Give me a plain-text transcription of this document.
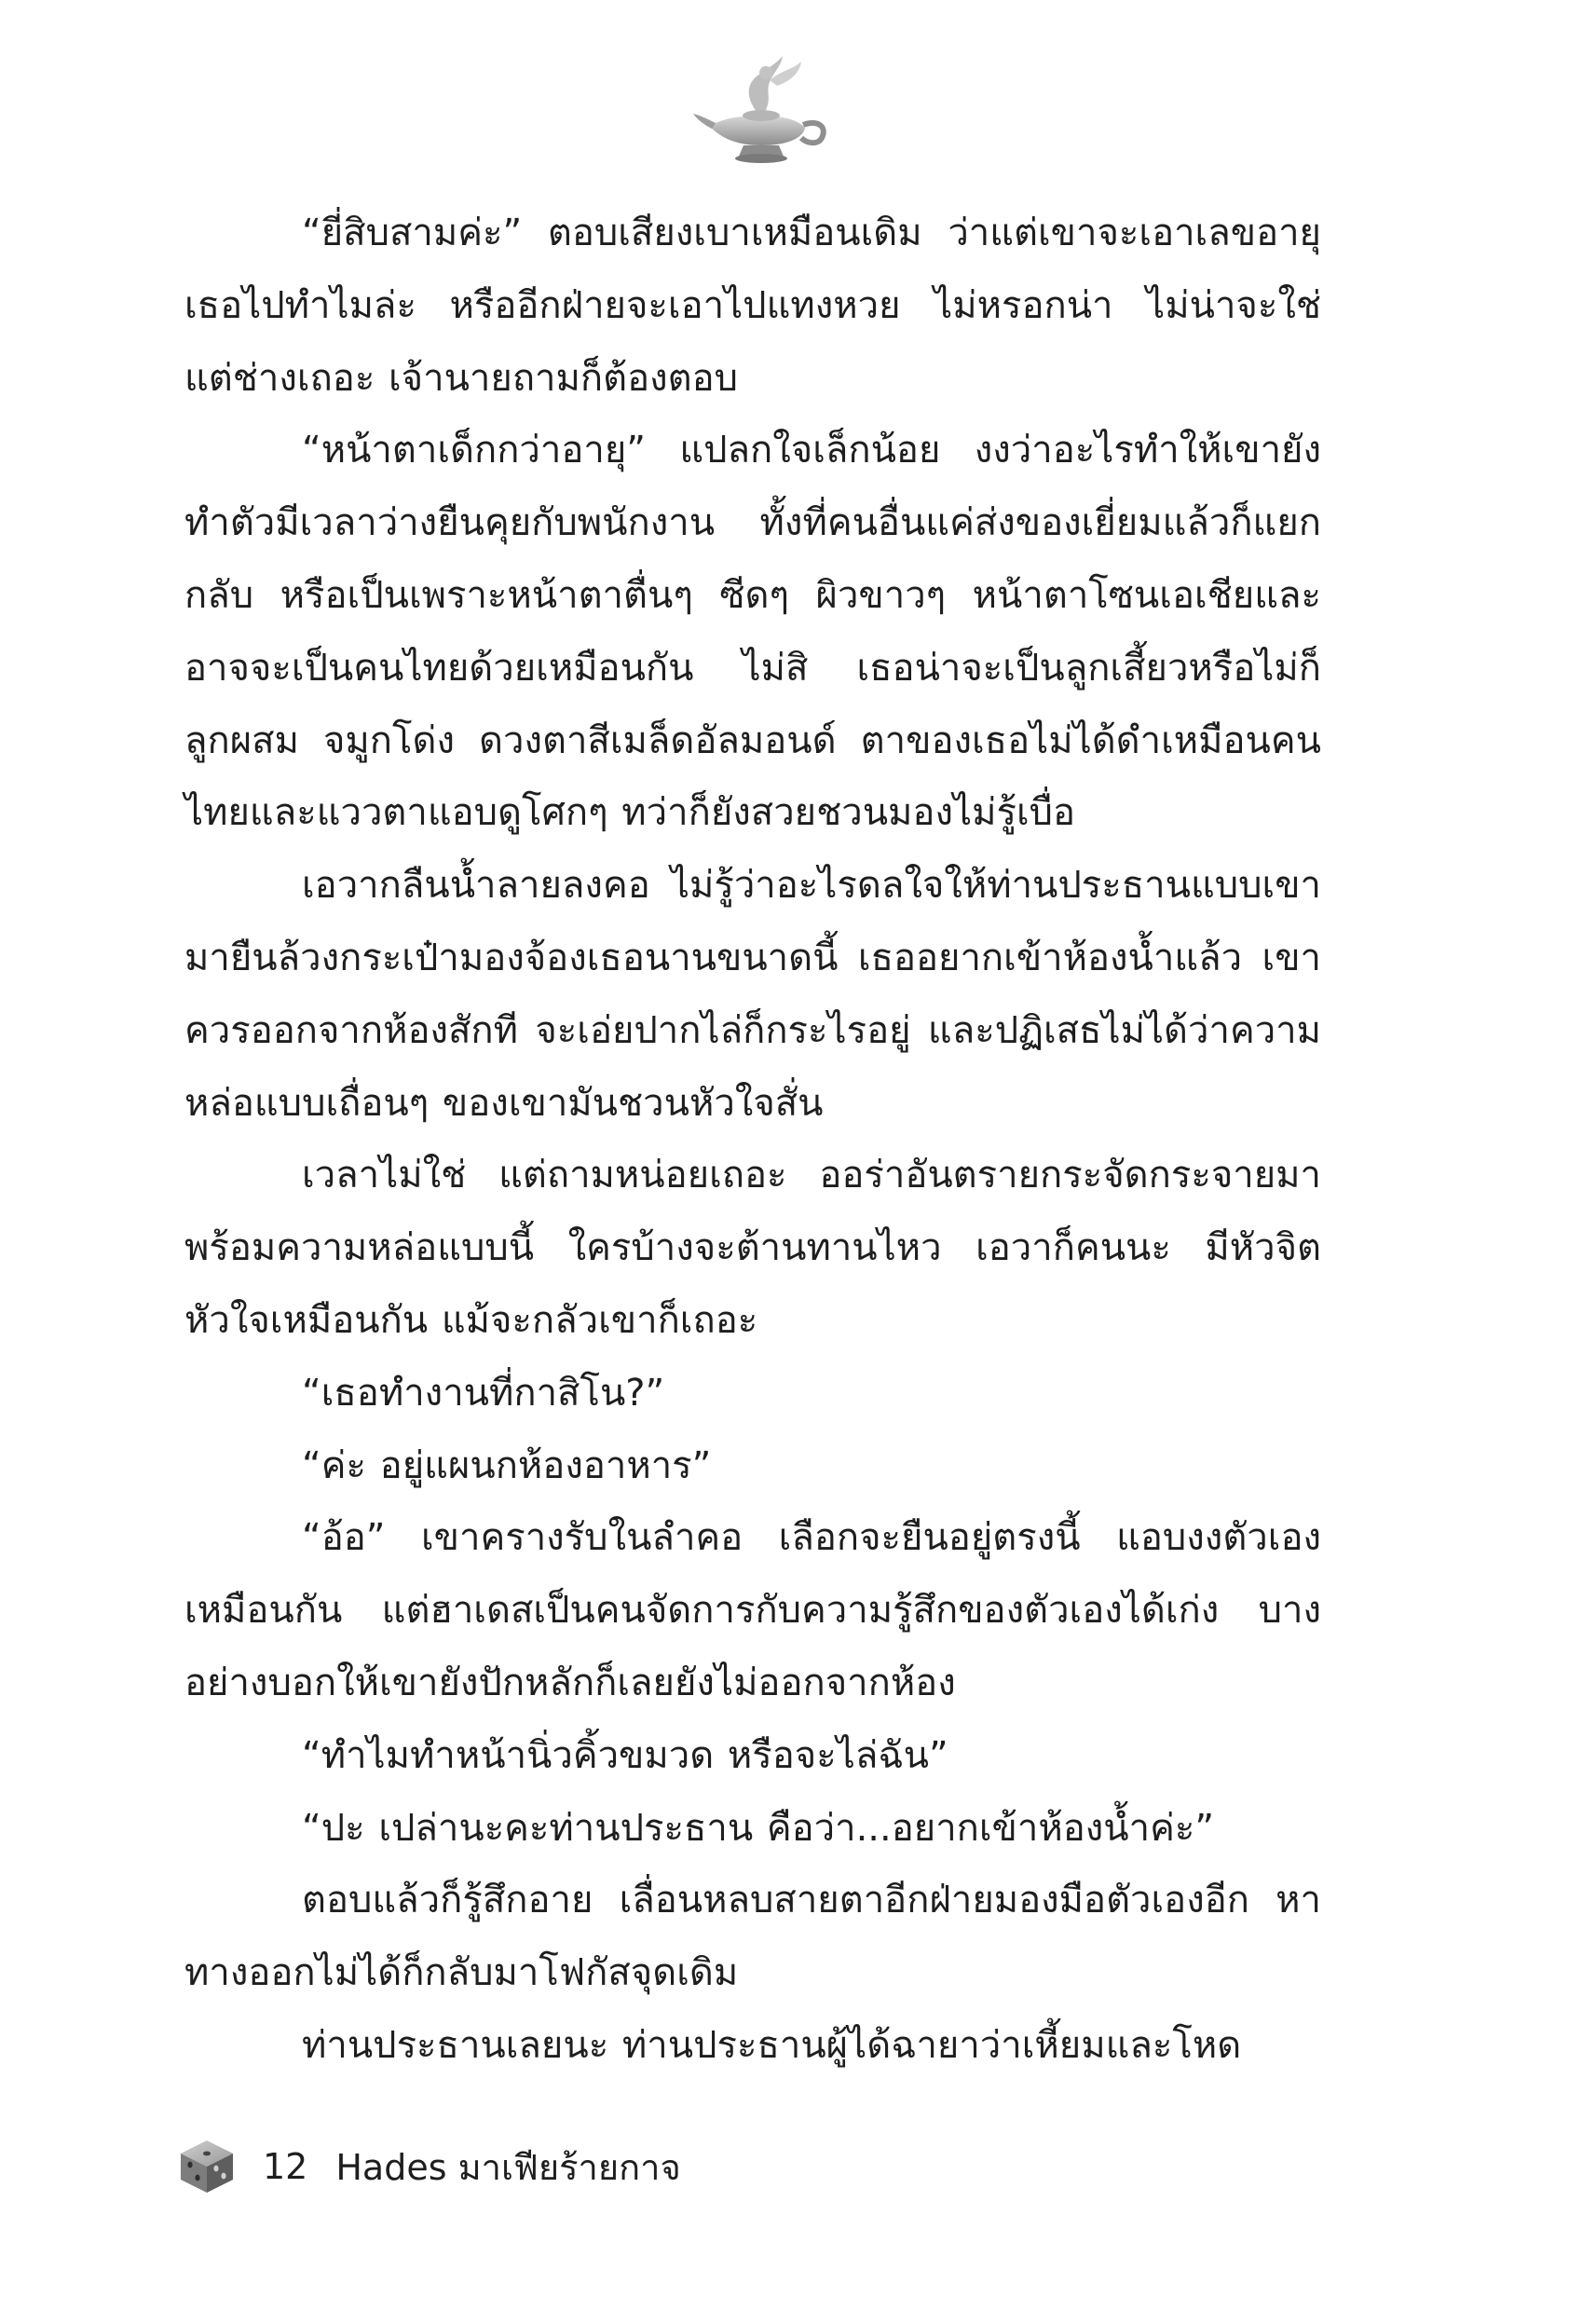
“ยี่สิบสามค่ะ” ตอบเสียงเบาเหมือนเดิม ว่าแต่เขาจะเอาเลขอายุเธอไปทำไมล่ะ หรืออีกฝ่ายจะเอาไปแทงหวย ไม่หรอกน่า ไม่น่าจะใช่ แต่ช่างเถอะ เจ้านายถามก็ต้องตอบ

“หน้าตาเด็กกว่าอายุ” แปลกใจเล็กน้อย งงว่าอะไรทำให้เขายังทำตัวมีเวลาว่างยืนคุยกับพนักงาน ทั้งที่คนอื่นแค่ส่งของเยี่ยมแล้วก็แยกกลับ หรือเป็นเพราะหน้าตาตื่นๆ ซีดๆ ผิวขาวๆ หน้าตาโซนเอเชียและอาจจะเป็นคนไทยด้วยเหมือนกัน ไม่สิ เธอน่าจะเป็นลูกเสี้ยวหรือไม่ก็ลูกผสม จมูกโด่ง ดวงตาสีเมล็ดอัลมอนด์ ตาของเธอไม่ได้ดำเหมือนคนไทยและแววตาแอบดูโศกๆ ทว่าก็ยังสวยชวนมองไม่รู้เบื่อ

เอวากลืนน้ำลายลงคอ ไม่รู้ว่าอะไรดลใจให้ท่านประธานแบบเขามายืนล้วงกระเป๋ามองจ้องเธอนานขนาดนี้ เธออยากเข้าห้องน้ำแล้ว เขาควรออกจากห้องสักที จะเอ่ยปากไล่ก็กระไรอยู่ และปฏิเสธไม่ได้ว่าความหล่อแบบเถื่อนๆ ของเขามันชวนหัวใจสั่น

เวลาไม่ใช่ แต่ถามหน่อยเถอะ ออร่าอันตรายกระจัดกระจายมาพร้อมความหล่อแบบนี้ ใครบ้างจะต้านทานไหว เอวาก็คนนะ มีหัวจิตหัวใจเหมือนกัน แม้จะกลัวเขาก็เถอะ

“เธอทำงานที่กาสิโน?”

“ค่ะ อยู่แผนกห้องอาหาร”

“อ้อ” เขาครางรับในลำคอ เลือกจะยืนอยู่ตรงนี้ แอบงงตัวเองเหมือนกัน แต่ฮาเดสเป็นคนจัดการกับความรู้สึกของตัวเองได้เก่ง บางอย่างบอกให้เขายังปักหลักก็เลยยังไม่ออกจากห้อง

“ทำไมทำหน้านิ่วคิ้วขมวด หรือจะไล่ฉัน”

“ปะ เปล่านะคะท่านประธาน คือว่า...อยากเข้าห้องน้ำค่ะ”

ตอบแล้วก็รู้สึกอาย เลื่อนหลบสายตาอีกฝ่ายมองมือตัวเองอีก หาทางออกไม่ได้ก็กลับมาโฟกัสจุดเดิม

ท่านประธานเลยนะ ท่านประธานผู้ได้ฉายาว่าเหี้ยมและโหด

12 Hades มาเฟียร้ายกาจ
